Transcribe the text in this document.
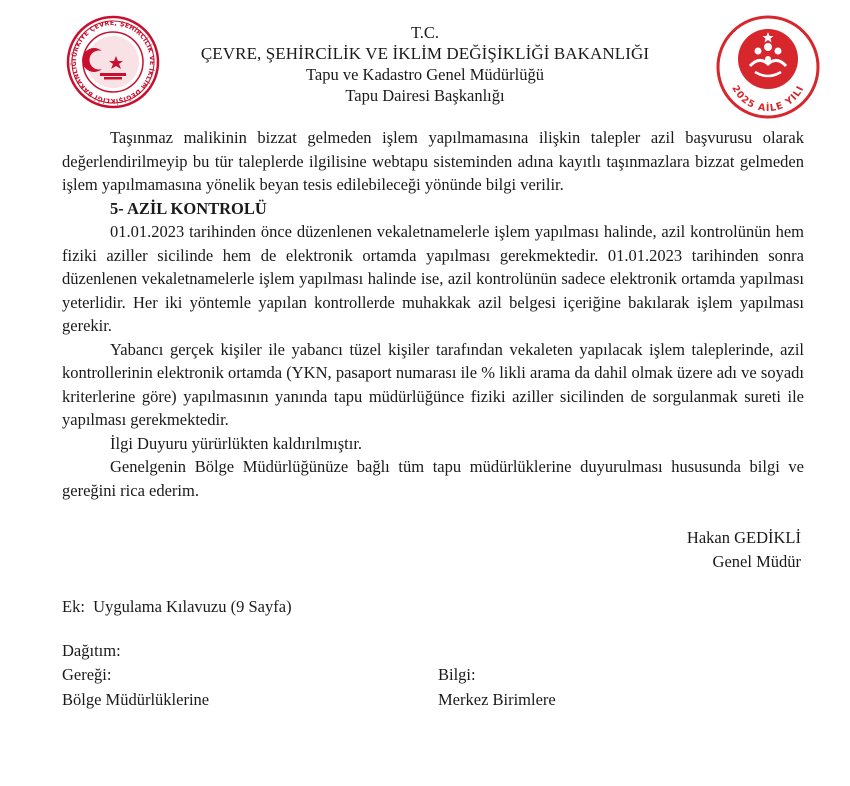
TÜRKİYE ÇEVRE, ŞEHİRCİLİK VE İKLİM DEĞİŞİKLİĞİ BAKANLIĞ
T.C.
ÇEVRE, ŞEHİRCİLİK VE İKLİM DEĞİŞİKLİĞİ BAKANLIĞI
Tapu ve Kadastro Genel Müdürlüğü
Tapu Dairesi Başkanlığı	2025 AİLE YILI

Taşınmaz malikinin bizzat gelmeden işlem yapılmamasına ilişkin talepler azil başvurusu olarak değerlendirilmeyip bu tür taleplerde ilgilisine webtapu sisteminden adına kayıtlı taşınmazlara bizzat gelmeden işlem yapılmamasına yönelik beyan tesis edilebileceği yönünde bilgi verilir.

5- AZİL KONTROLÜ

01.01.2023 tarihinden önce düzenlenen vekaletnamelerle işlem yapılması halinde, azil kontrolünün hem fiziki aziller sicilinde hem de elektronik ortamda yapılması gerekmektedir. 01.01.2023 tarihinden sonra düzenlenen vekaletnamelerle işlem yapılması halinde ise, azil kontrolünün sadece elektronik ortamda yapılması yeterlidir. Her iki yöntemle yapılan kontrollerde muhakkak azil belgesi içeriğine bakılarak işlem yapılması gerekir.

Yabancı gerçek kişiler ile yabancı tüzel kişiler tarafından vekaleten yapılacak işlem taleplerinde, azil kontrollerinin elektronik ortamda (YKN, pasaport numarası ile % likli arama da dahil olmak üzere adı ve soyadı kriterlerine göre) yapılmasının yanında tapu müdürlüğünce fiziki aziller sicilinden de sorgulanmak sureti ile yapılması gerekmektedir.

İlgi Duyuru yürürlükten kaldırılmıştır.

Genelgenin Bölge Müdürlüğünüze bağlı tüm tapu müdürlüklerine duyurulması hususunda bilgi ve gereğini rica ederim.

Hakan GEDİKLİ
Genel Müdür
Ek:  Uygulama Kılavuzu (9 Sayfa)
Dağıtım:
Gereği:
Bölge Müdürlüklerine
Bilgi:
Merkez Birimlere
